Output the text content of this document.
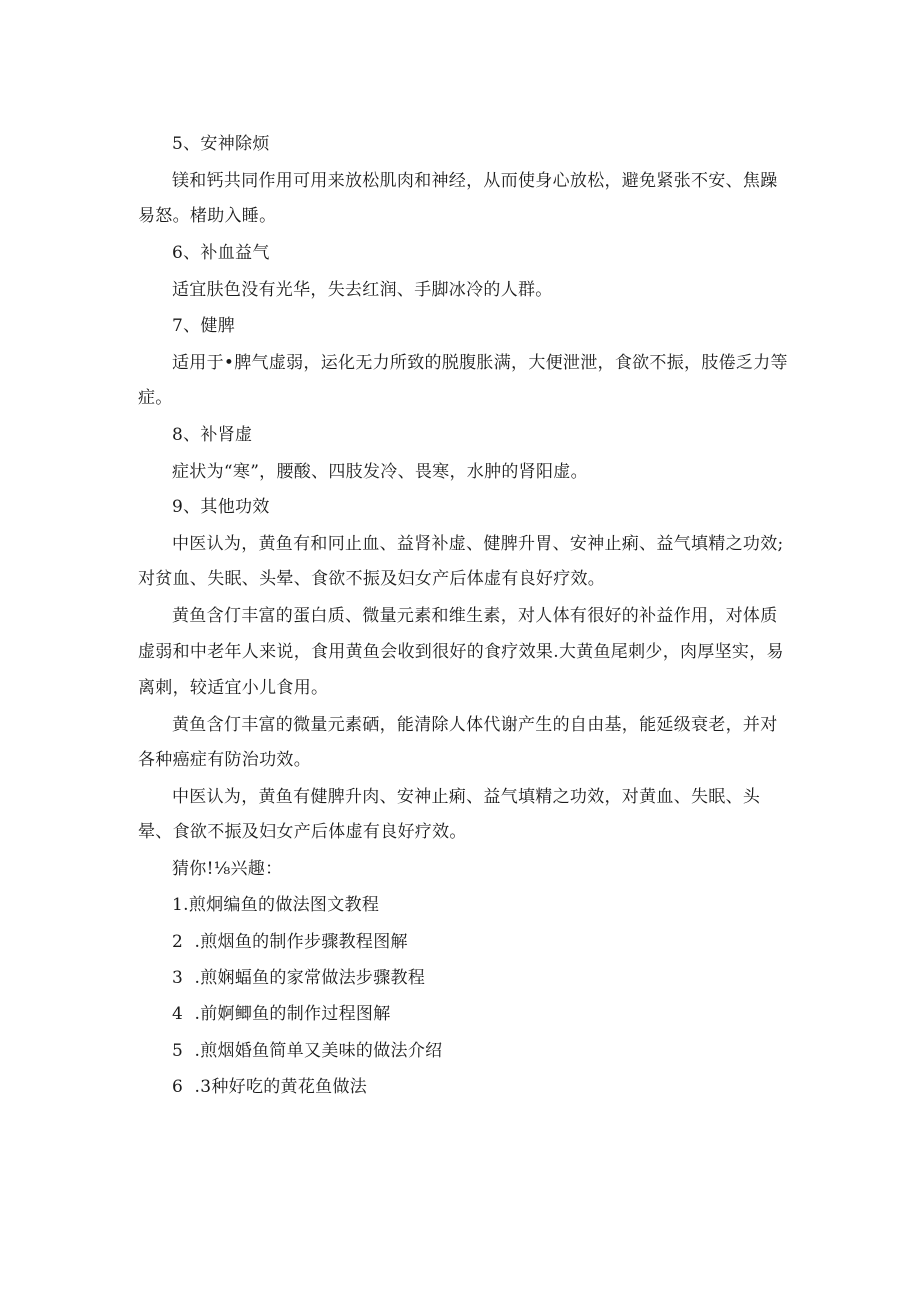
5、安神除烦

镁和钙共同作用可用来放松肌肉和神经，从而使身心放松，避免紧张不安、焦躁

易怒。楮助入睡。

6、补血益气

适宜肤色没有光华，失去红润、手脚冰冷的人群。

7、健脾

适用于•脾气虚弱，运化无力所致的脱腹胀满，大便泄泄，食欲不振，肢倦乏力等

症。

8、补肾虚

症状为“寒”，腰酸、四肢发冷、畏寒，水肿的肾阳虚。

9、其他功效

中医认为，黄鱼有和冋止血、益肾补虚、健脾升胃、安神止痢、益气填精之功效;

对贫血、失眠、头晕、食欲不振及妇女产后体虚有良好疗效。

黄鱼含仃丰富的蛋白质、微量元素和维生素，对人体有很好的补益作用，对体质

虚弱和中老年人来说，食用黄鱼会收到很好的食疗效果.大黄鱼尾刺少，肉厚坚实，易

离刺，较适宜小儿食用。

黄鱼含仃丰富的微量元素硒，能清除人体代谢产生的自由基，能延级衰老，并对

各种癌症有防治功效。

中医认为，黄鱼有健脾升肉、安神止痢、益气填精之功效，对黄血、失眠、头

晕、食欲不振及妇女产后体虚有良好疗效。

猜你!⅛兴趣：

1.煎炯编鱼的做法图文教程

2  .煎烟鱼的制作步骤教程图解

3  .煎娴蝠鱼的家常做法步骤教程

4  .前婀鲫鱼的制作过程图解

5  .煎烟婚鱼简单又美味的做法介绍

6  .3种好吃的黄花鱼做法
